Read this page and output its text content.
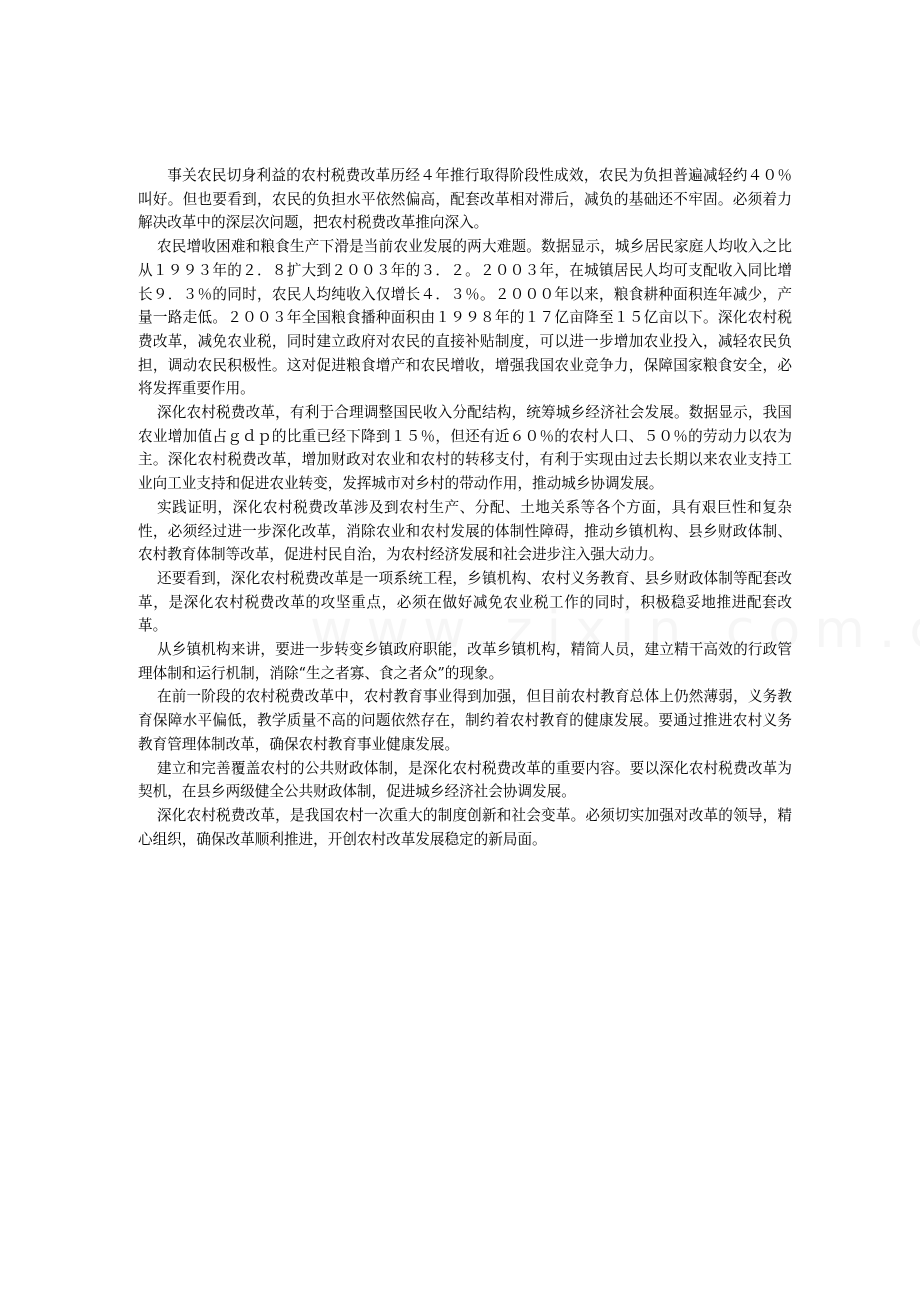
事关农民切身利益的农村税费改革历经４年推行取得阶段性成效，农民为负担普遍减轻约４０％叫好。但也要看到，农民的负担水平依然偏高，配套改革相对滞后，减负的基础还不牢固。必须着力解决改革中的深层次问题，把农村税费改革推向深入。

农民增收困难和粮食生产下滑是当前农业发展的两大难题。数据显示，城乡居民家庭人均收入之比从１９９３年的２．８扩大到２００３年的３．２。２００３年，在城镇居民人均可支配收入同比增长９．３％的同时，农民人均纯收入仅增长４．３％。２０００年以来，粮食耕种面积连年减少，产量一路走低。２００３年全国粮食播种面积由１９９８年的１７亿亩降至１５亿亩以下。深化农村税费改革，减免农业税，同时建立政府对农民的直接补贴制度，可以进一步增加农业投入，减轻农民负担，调动农民积极性。这对促进粮食增产和农民增收，增强我国农业竞争力，保障国家粮食安全，必将发挥重要作用。

深化农村税费改革，有利于合理调整国民收入分配结构，统筹城乡经济社会发展。数据显示，我国农业增加值占ｇｄｐ的比重已经下降到１５％，但还有近６０％的农村人口、５０％的劳动力以农为主。深化农村税费改革，增加财政对农业和农村的转移支付，有利于实现由过去长期以来农业支持工业向工业支持和促进农业转变，发挥城市对乡村的带动作用，推动城乡协调发展。

实践证明，深化农村税费改革涉及到农村生产、分配、土地关系等各个方面，具有艰巨性和复杂性，必须经过进一步深化改革，消除农业和农村发展的体制性障碍，推动乡镇机构、县乡财政体制、农村教育体制等改革，促进村民自治，为农村经济发展和社会进步注入强大动力。

还要看到，深化农村税费改革是一项系统工程，乡镇机构、农村义务教育、县乡财政体制等配套改革，是深化农村税费改革的攻坚重点，必须在做好减免农业税工作的同时，积极稳妥地推进配套改革。

从乡镇机构来讲，要进一步转变乡镇政府职能，改革乡镇机构，精简人员，建立精干高效的行政管理体制和运行机制，消除“生之者寡、食之者众”的现象。

在前一阶段的农村税费改革中，农村教育事业得到加强，但目前农村教育总体上仍然薄弱，义务教育保障水平偏低，教学质量不高的问题依然存在，制约着农村教育的健康发展。要通过推进农村义务教育管理体制改革，确保农村教育事业健康发展。

建立和完善覆盖农村的公共财政体制，是深化农村税费改革的重要内容。要以深化农村税费改革为契机，在县乡两级健全公共财政体制，促进城乡经济社会协调发展。

深化农村税费改革，是我国农村一次重大的制度创新和社会变革。必须切实加强对改革的领导，精心组织，确保改革顺利推进，开创农村改革发展稳定的新局面。
